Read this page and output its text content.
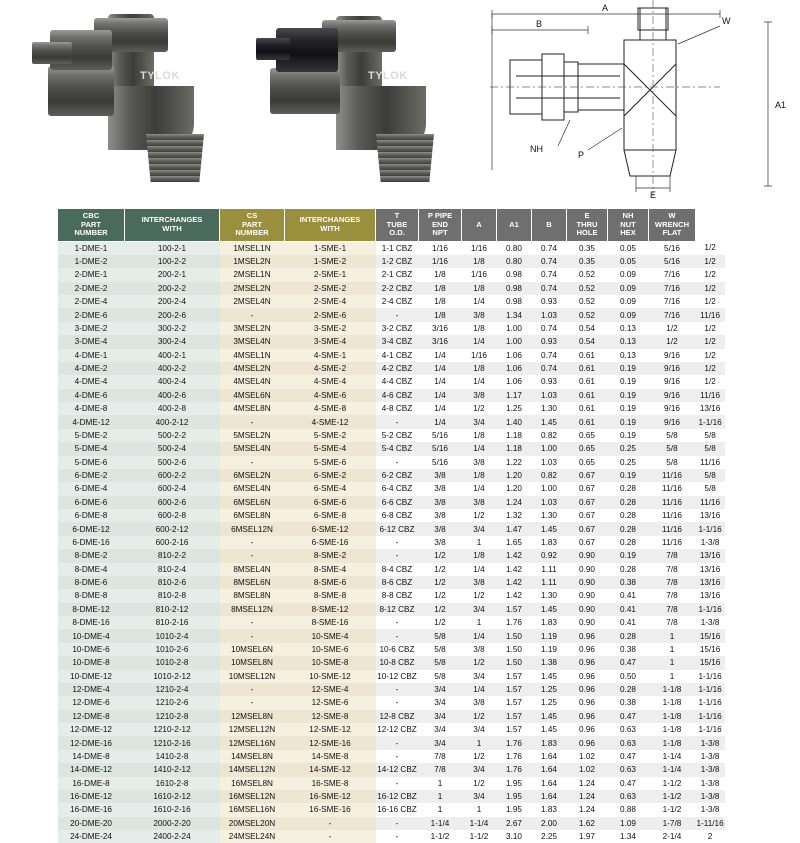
TYLOK	TYLOK
A
B	W
A1
NH
P
E
CBC
PART
NUMBER	INTERCHANGES
WITH	CS
PART
NUMBER	INTERCHANGES
WITH	T
TUBE
O.D.	P PIPE
END
NPT	A	A1	B	E
THRU
HOLE	NH
NUT
HEX	W
WRENCH
FLAT	
1-DME-1	100-2-1	1MSEL1N	1-SME-1	1-1 CBZ	1/16	1/16	0.80	0.74	0.35	0.05	5/16	1/2
1-DME-2	100-2-2	1MSEL2N	1-SME-2	1-2 CBZ	1/16	1/8	0.80	0.74	0.35	0.05	5/16	1/2
2-DME-1	200-2-1	2MSEL1N	2-SME-1	2-1 CBZ	1/8	1/16	0.98	0.74	0.52	0.09	7/16	1/2
2-DME-2	200-2-2	2MSEL2N	2-SME-2	2-2 CBZ	1/8	1/8	0.98	0.74	0.52	0.09	7/16	1/2
2-DME-4	200-2-4	2MSEL4N	2-SME-4	2-4 CBZ	1/8	1/4	0.98	0.93	0.52	0.09	7/16	1/2
2-DME-6	200-2-6	-	2-SME-6	-	1/8	3/8	1.34	1.03	0.52	0.09	7/16	11/16
3-DME-2	300-2-2	3MSEL2N	3-SME-2	3-2 CBZ	3/16	1/8	1.00	0.74	0.54	0.13	1/2	1/2
3-DME-4	300-2-4	3MSEL4N	3-SME-4	3-4 CBZ	3/16	1/4	1.00	0.93	0.54	0.13	1/2	1/2
4-DME-1	400-2-1	4MSEL1N	4-SME-1	4-1 CBZ	1/4	1/16	1.06	0.74	0.61	0.13	9/16	1/2
4-DME-2	400-2-2	4MSEL2N	4-SME-2	4-2 CBZ	1/4	1/8	1.06	0.74	0.61	0.19	9/16	1/2
4-DME-4	400-2-4	4MSEL4N	4-SME-4	4-4 CBZ	1/4	1/4	1.06	0.93	0.61	0.19	9/16	1/2
4-DME-6	400-2-6	4MSEL6N	4-SME-6	4-6 CBZ	1/4	3/8	1.17	1.03	0.61	0.19	9/16	11/16
4-DME-8	400-2-8	4MSEL8N	4-SME-8	4-8 CBZ	1/4	1/2	1.25	1.30	0.61	0.19	9/16	13/16
4-DME-12	400-2-12	-	4-SME-12	-	1/4	3/4	1.40	1.45	0.61	0.19	9/16	1-1/16
5-DME-2	500-2-2	5MSEL2N	5-SME-2	5-2 CBZ	5/16	1/8	1.18	0.82	0.65	0.19	5/8	5/8
5-DME-4	500-2-4	5MSEL4N	5-SME-4	5-4 CBZ	5/16	1/4	1.18	1.00	0.65	0.25	5/8	5/8
5-DME-6	500-2-6	-	5-SME-6	-	5/16	3/8	1.22	1.03	0.65	0.25	5/8	11/16
6-DME-2	600-2-2	6MSEL2N	6-SME-2	6-2 CBZ	3/8	1/8	1.20	0.82	0.67	0.19	11/16	5/8
6-DME-4	600-2-4	6MSEL4N	6-SME-4	6-4 CBZ	3/8	1/4	1.20	1.00	0.67	0.28	11/16	5/8
6-DME-6	600-2-6	6MSEL6N	6-SME-6	6-6 CBZ	3/8	3/8	1.24	1.03	0.67	0.28	11/16	11/16
6-DME-8	600-2-8	6MSEL8N	6-SME-8	6-8 CBZ	3/8	1/2	1.32	1.30	0.67	0.28	11/16	13/16
6-DME-12	600-2-12	6MSEL12N	6-SME-12	6-12 CBZ	3/8	3/4	1.47	1.45	0.67	0.28	11/16	1-1/16
6-DME-16	600-2-16	-	6-SME-16	-	3/8	1	1.65	1.83	0.67	0.28	11/16	1-3/8
8-DME-2	810-2-2	-	8-SME-2	-	1/2	1/8	1.42	0.92	0.90	0.19	7/8	13/16
8-DME-4	810-2-4	8MSEL4N	8-SME-4	8-4 CBZ	1/2	1/4	1.42	1.11	0.90	0.28	7/8	13/16
8-DME-6	810-2-6	8MSEL6N	8-SME-6	8-6 CBZ	1/2	3/8	1.42	1.11	0.90	0.38	7/8	13/16
8-DME-8	810-2-8	8MSEL8N	8-SME-8	8-8 CBZ	1/2	1/2	1.42	1.30	0.90	0.41	7/8	13/16
8-DME-12	810-2-12	8MSEL12N	8-SME-12	8-12 CBZ	1/2	3/4	1.57	1.45	0.90	0.41	7/8	1-1/16
8-DME-16	810-2-16	-	8-SME-16	-	1/2	1	1.76	1.83	0.90	0.41	7/8	1-3/8
10-DME-4	1010-2-4	-	10-SME-4	-	5/8	1/4	1.50	1.19	0.96	0.28	1	15/16
10-DME-6	1010-2-6	10MSEL6N	10-SME-6	10-6 CBZ	5/8	3/8	1.50	1.19	0.96	0.38	1	15/16
10-DME-8	1010-2-8	10MSEL8N	10-SME-8	10-8 CBZ	5/8	1/2	1.50	1.38	0.96	0.47	1	15/16
10-DME-12	1010-2-12	10MSEL12N	10-SME-12	10-12 CBZ	5/8	3/4	1.57	1.45	0.96	0.50	1	1-1/16
12-DME-4	1210-2-4	-	12-SME-4	-	3/4	1/4	1.57	1.25	0.96	0.28	1-1/8	1-1/16
12-DME-6	1210-2-6	-	12-SME-6	-	3/4	3/8	1.57	1.25	0.96	0.38	1-1/8	1-1/16
12-DME-8	1210-2-8	12MSEL8N	12-SME-8	12-8 CBZ	3/4	1/2	1.57	1.45	0.96	0.47	1-1/8	1-1/16
12-DME-12	1210-2-12	12MSEL12N	12-SME-12	12-12 CBZ	3/4	3/4	1.57	1.45	0.96	0.63	1-1/8	1-1/16
12-DME-16	1210-2-16	12MSEL16N	12-SME-16	-	3/4	1	1.76	1.83	0.96	0.63	1-1/8	1-3/8
14-DME-8	1410-2-8	14MSEL8N	14-SME-8	-	7/8	1/2	1.76	1.64	1.02	0.47	1-1/4	1-3/8
14-DME-12	1410-2-12	14MSEL12N	14-SME-12	14-12 CBZ	7/8	3/4	1.76	1.64	1.02	0.63	1-1/4	1-3/8
16-DME-8	1610-2-8	16MSEL8N	16-SME-8	-	1	1/2	1.95	1.64	1.24	0.47	1-1/2	1-3/8
16-DME-12	1610-2-12	16MSEL12N	16-SME-12	16-12 CBZ	1	3/4	1.95	1.64	1.24	0.63	1-1/2	1-3/8
16-DME-16	1610-2-16	16MSEL16N	16-SME-16	16-16 CBZ	1	1	1.95	1.83	1.24	0.88	1-1/2	1-3/8
20-DME-20	2000-2-20	20MSEL20N	-	-	1-1/4	1-1/4	2.67	2.00	1.62	1.09	1-7/8	1-11/16
24-DME-24	2400-2-24	24MSEL24N	-	-	1-1/2	1-1/2	3.10	2.25	1.97	1.34	2-1/4	2
